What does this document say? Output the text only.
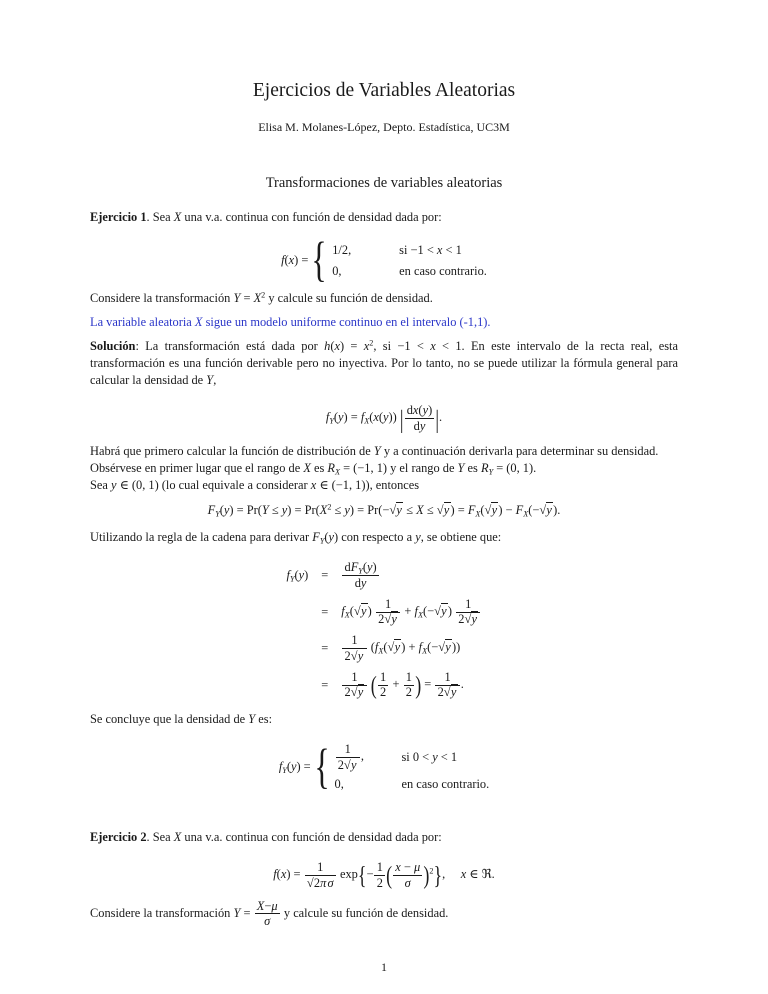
Ejercicios de Variables Aleatorias
Elisa M. Molanes-López, Depto. Estadística, UC3M
Transformaciones de variables aleatorias

Ejercicio 1. Sea X una v.a. continua con función de densidad dada por:

f(x) = { 1/2,	si −1 < x < 1
0,	en caso contrario.

Considere la transformación $Y = X^2$ y calcule su función de densidad.

La variable aleatoria X sigue un modelo uniforme continuo en el intervalo (-1,1).

Solución: La transformación está dada por $h(x) = x^2$, si −1 < x < 1. En este intervalo de la recta real, esta transformación es una función derivable pero no inyectiva. Por lo tanto, no se puede utilizar la fórmula general para calcular la densidad de Y,

$f_Y(y) = f_X(x(y))$ | $\frac{dx(y)}{dy}$ |.
Habrá que primero calcular la función de distribución de Y y a continuación derivarla para determinar su densidad.
Obsérvese en primer lugar que el rango de X es $R_X = (-1$, 1) y el rango de Y es $R_Y = (0$, 1).
Sea y ∈ (0, 1) (lo cual equivale a considerar x ∈ (−1, 1)), entonces
$F_Y(y) = Pr(Y \le y) = Pr(X^2 \le y) = Pr(-√y \le X \le √y) = F_X(√y) - F_X(-√y)$.

Utilizando la regla de la cadena para derivar $F_Y(y)$ con respecto a y, se obtiene que:

$f_Y(y)$	=	$\frac{dF_Y(y)}{dy}$

	=	$f_X(√y) \frac{1}{2√y} + f_X(-√y) \frac{1}{2√y}$

	=	$\frac{1}{2√y} (f_X(√y) + f_X(-√y))$
	=	$\frac{1}{2√y}$ ( $\frac{1}{2} + \frac{1}{2}$ ) = $\frac{1}{2√y}$ .

Se concluye que la densidad de Y es:

$f_Y(y)$ = { $\frac{1}{2√y}$ ,	si 0 < y < 1
0,	en caso contrario.

Ejercicio 2. Sea X una v.a. continua con función de densidad dada por:

$f(x) = \frac{1}{√2\pi\sigma} \exp\{- \frac{1}{2}$ ( $\frac{x - \mu}{\sigma} )^2$},  x ∈ ℜ.

Considere la transformación $Y = \frac{X-\mu}{\sigma}$ y calcule su función de densidad.

1
